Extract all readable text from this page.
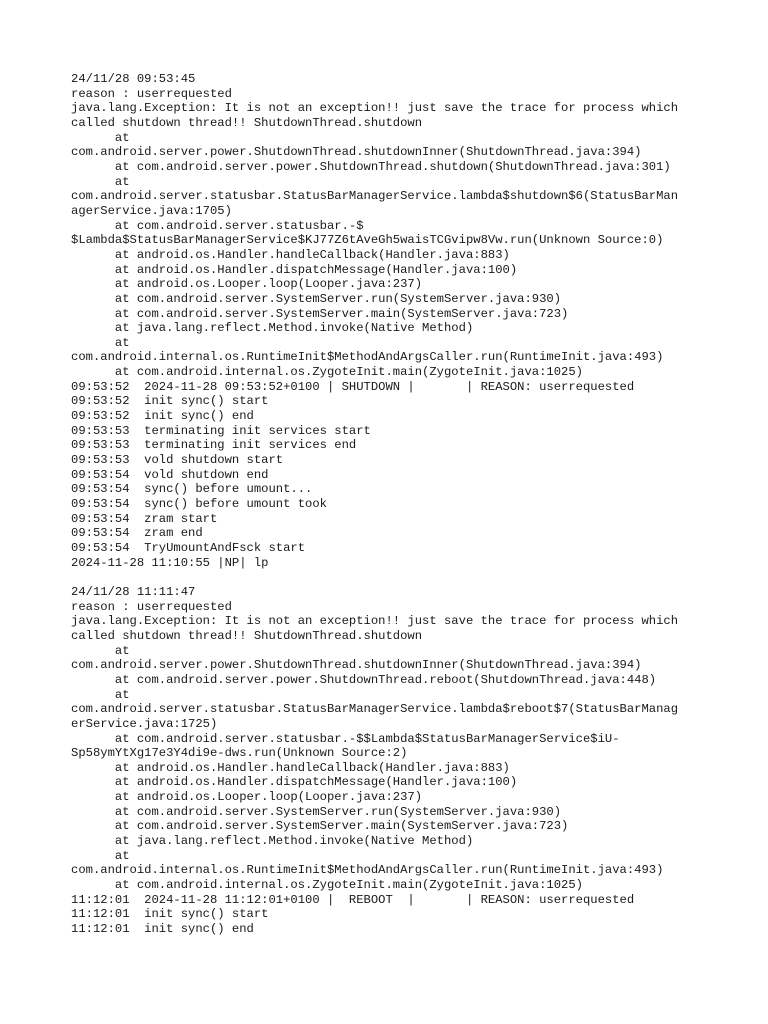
24/11/28 09:53:45
reason : userrequested
java.lang.Exception: It is not an exception!! just save the trace for process which
called shutdown thread!! ShutdownThread.shutdown
at
com.android.server.power.ShutdownThread.shutdownInner(ShutdownThread.java:394)
at com.android.server.power.ShutdownThread.shutdown(ShutdownThread.java:301)
at
com.android.server.statusbar.StatusBarManagerService.lambda$shutdown$6(StatusBarMan
agerService.java:1705)
at com.android.server.statusbar.-$
$Lambda$StatusBarManagerService$KJ77Z6tAveGh5waisTCGvipw8Vw.run(Unknown Source:0)
at android.os.Handler.handleCallback(Handler.java:883)
at android.os.Handler.dispatchMessage(Handler.java:100)
at android.os.Looper.loop(Looper.java:237)
at com.android.server.SystemServer.run(SystemServer.java:930)
at com.android.server.SystemServer.main(SystemServer.java:723)
at java.lang.reflect.Method.invoke(Native Method)
at
com.android.internal.os.RuntimeInit$MethodAndArgsCaller.run(RuntimeInit.java:493)
at com.android.internal.os.ZygoteInit.main(ZygoteInit.java:1025)
09:53:52  2024-11-28 09:53:52+0100 | SHUTDOWN |       | REASON: userrequested
09:53:52  init sync() start
09:53:52  init sync() end
09:53:53  terminating init services start
09:53:53  terminating init services end
09:53:53  vold shutdown start
09:53:54  vold shutdown end
09:53:54  sync() before umount...
09:53:54  sync() before umount took
09:53:54  zram start
09:53:54  zram end
09:53:54  TryUmountAndFsck start
2024-11-28 11:10:55 |NP| lp
24/11/28 11:11:47
reason : userrequested
java.lang.Exception: It is not an exception!! just save the trace for process which
called shutdown thread!! ShutdownThread.shutdown
at
com.android.server.power.ShutdownThread.shutdownInner(ShutdownThread.java:394)
at com.android.server.power.ShutdownThread.reboot(ShutdownThread.java:448)
at
com.android.server.statusbar.StatusBarManagerService.lambda$reboot$7(StatusBarManag
erService.java:1725)
at com.android.server.statusbar.-$$Lambda$StatusBarManagerService$iU-
Sp58ymYtXg17e3Y4di9e-dws.run(Unknown Source:2)
at android.os.Handler.handleCallback(Handler.java:883)
at android.os.Handler.dispatchMessage(Handler.java:100)
at android.os.Looper.loop(Looper.java:237)
at com.android.server.SystemServer.run(SystemServer.java:930)
at com.android.server.SystemServer.main(SystemServer.java:723)
at java.lang.reflect.Method.invoke(Native Method)
at
com.android.internal.os.RuntimeInit$MethodAndArgsCaller.run(RuntimeInit.java:493)
at com.android.internal.os.ZygoteInit.main(ZygoteInit.java:1025)
11:12:01  2024-11-28 11:12:01+0100 |  REBOOT  |       | REASON: userrequested
11:12:01  init sync() start
11:12:01  init sync() end
